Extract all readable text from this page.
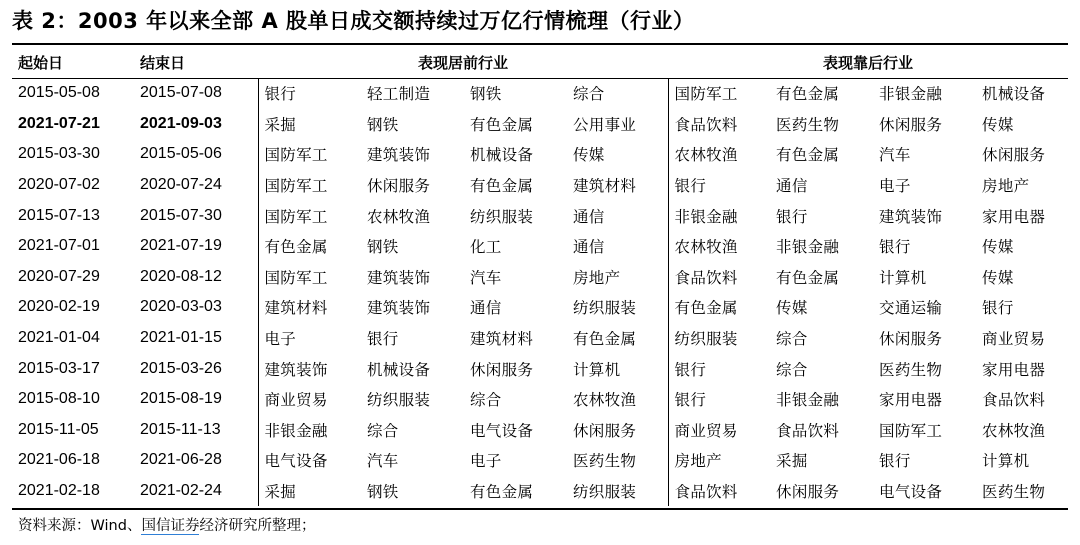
表 2：2003 年以来全部 A 股单日成交额持续过万亿行情梳理（行业）
起始日	结束日	表现居前行业				表现靠后行业			
2015-05-08	2015-07-08	银行	轻工制造	钢铁	综合	国防军工	有色金属	非银金融	机械设备
2021-07-21	2021-09-03	采掘	钢铁	有色金属	公用事业	食品饮料	医药生物	休闲服务	传媒
2015-03-30	2015-05-06	国防军工	建筑装饰	机械设备	传媒	农林牧渔	有色金属	汽车	休闲服务
2020-07-02	2020-07-24	国防军工	休闲服务	有色金属	建筑材料	银行	通信	电子	房地产
2015-07-13	2015-07-30	国防军工	农林牧渔	纺织服装	通信	非银金融	银行	建筑装饰	家用电器
2021-07-01	2021-07-19	有色金属	钢铁	化工	通信	农林牧渔	非银金融	银行	传媒
2020-07-29	2020-08-12	国防军工	建筑装饰	汽车	房地产	食品饮料	有色金属	计算机	传媒
2020-02-19	2020-03-03	建筑材料	建筑装饰	通信	纺织服装	有色金属	传媒	交通运输	银行
2021-01-04	2021-01-15	电子	银行	建筑材料	有色金属	纺织服装	综合	休闲服务	商业贸易
2015-03-17	2015-03-26	建筑装饰	机械设备	休闲服务	计算机	银行	综合	医药生物	家用电器
2015-08-10	2015-08-19	商业贸易	纺织服装	综合	农林牧渔	银行	非银金融	家用电器	食品饮料
2015-11-05	2015-11-13	非银金融	综合	电气设备	休闲服务	商业贸易	食品饮料	国防军工	农林牧渔
2021-06-18	2021-06-28	电气设备	汽车	电子	医药生物	房地产	采掘	银行	计算机
2021-02-18	2021-02-24	采掘	钢铁	有色金属	纺织服装	食品饮料	休闲服务	电气设备	医药生物
资料来源：Wind、国信证券经济研究所整理；
